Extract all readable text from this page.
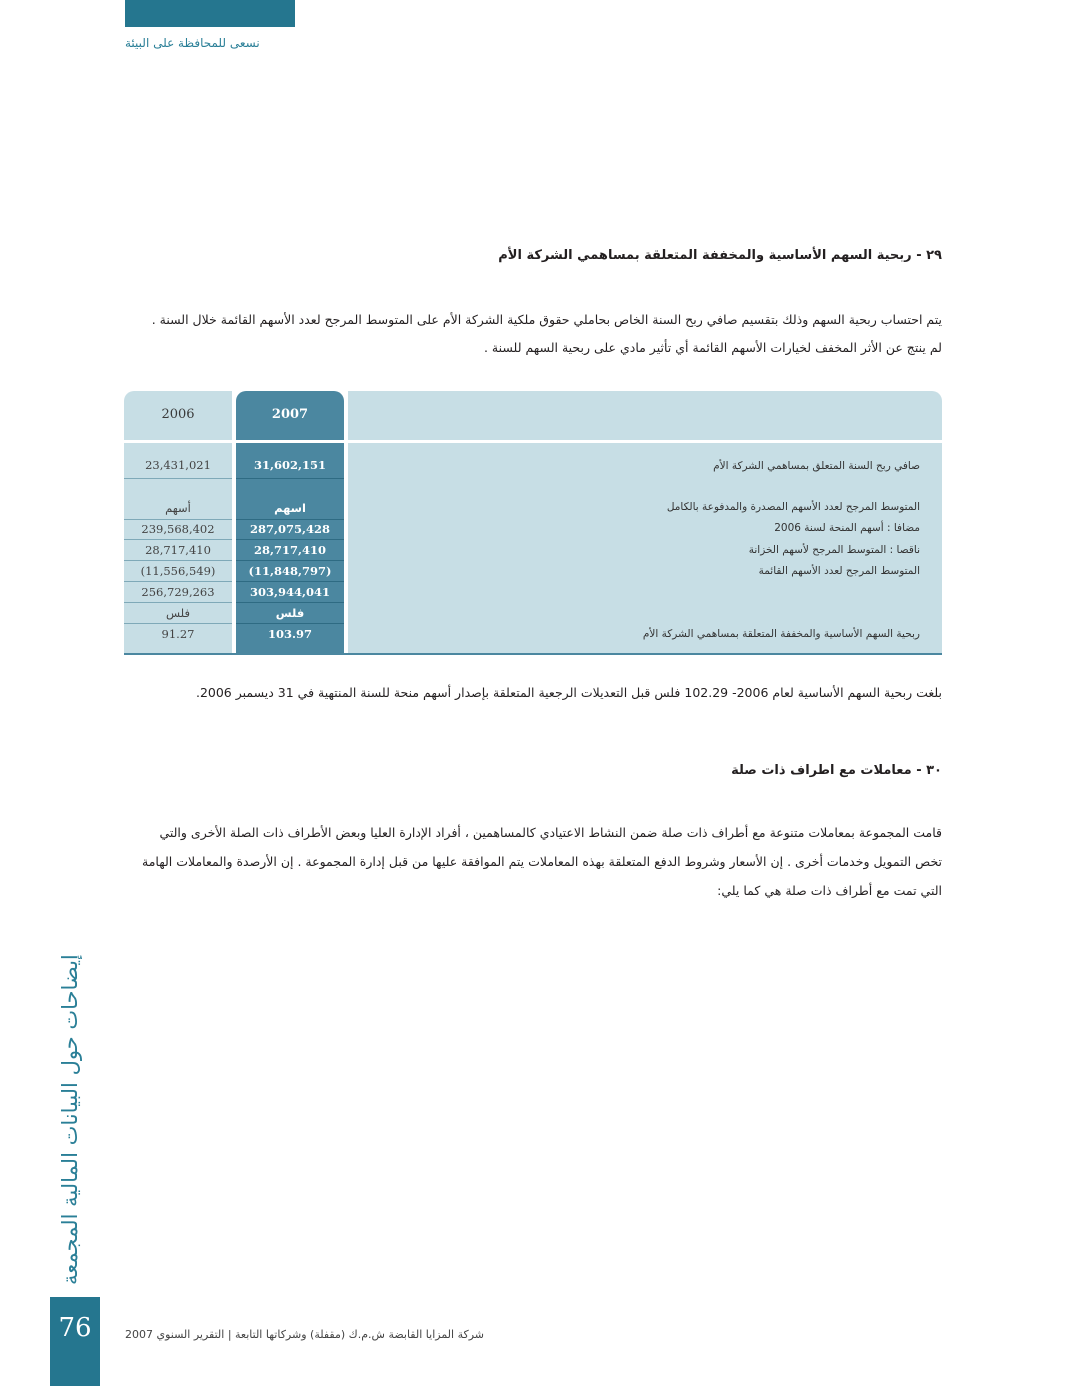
نسعى للمحافظة على البيئة
٢٩ - ربحية السهم الأساسية والمخففة المتعلقة بمساهمي الشركة الأم
يتم احتساب ربحية السهم وذلك بتقسيم صافي ربح السنة الخاص بحاملي حقوق ملكية الشركة الأم على المتوسط المرجح لعدد الأسهم القائمة خلال السنة .
لم ينتج عن الأثر المخفف لخيارات الأسهم القائمة أي تأثير مادي على ربحية السهم للسنة .
2006	2007
23,431,021	31,602,151	صافي ربح السنة المتعلق بمساهمي الشركة الأم
أسهم	اسهم	المتوسط المرجح لعدد الأسهم المصدرة والمدفوعة بالكامل
239,568,402	287,075,428	مضافا : أسهم المنحة لسنة 2006
28,717,410	28,717,410	ناقصا : المتوسط المرجح لأسهم الخزانة
(11,556,549)	(11,848,797)	المتوسط المرجح لعدد الأسهم القائمة
256,729,263	303,944,041
فلس	فلس
91.27	103.97	ربحية السهم الأساسية والمخففة المتعلقة بمساهمي الشركة الأم
بلغت ربحية السهم الأساسية لعام 2006- 102.29 فلس قبل التعديلات الرجعية المتعلقة بإصدار أسهم منحة للسنة المنتهية في 31 ديسمبر 2006.
٣٠ - معاملات مع اطراف ذات صلة
قامت المجموعة بمعاملات متنوعة مع أطراف ذات صلة ضمن النشاط الاعتيادي كالمساهمين ، أفراد الإدارة العليا وبعض الأطراف ذات الصلة الأخرى والتي
تخص التمويل وخدمات أخرى . إن الأسعار وشروط الدفع المتعلقة بهذه المعاملات يتم الموافقة عليها من قبل إدارة المجموعة . إن الأرصدة والمعاملات الهامة
التي تمت مع أطراف ذات صلة هي كما يلي:
إيضاحات حول البيانات المالية المجمعة
76	شركة المزايا القابضة ش.م.ك (مقفلة) وشركاتها التابعة | التقرير السنوي 2007
